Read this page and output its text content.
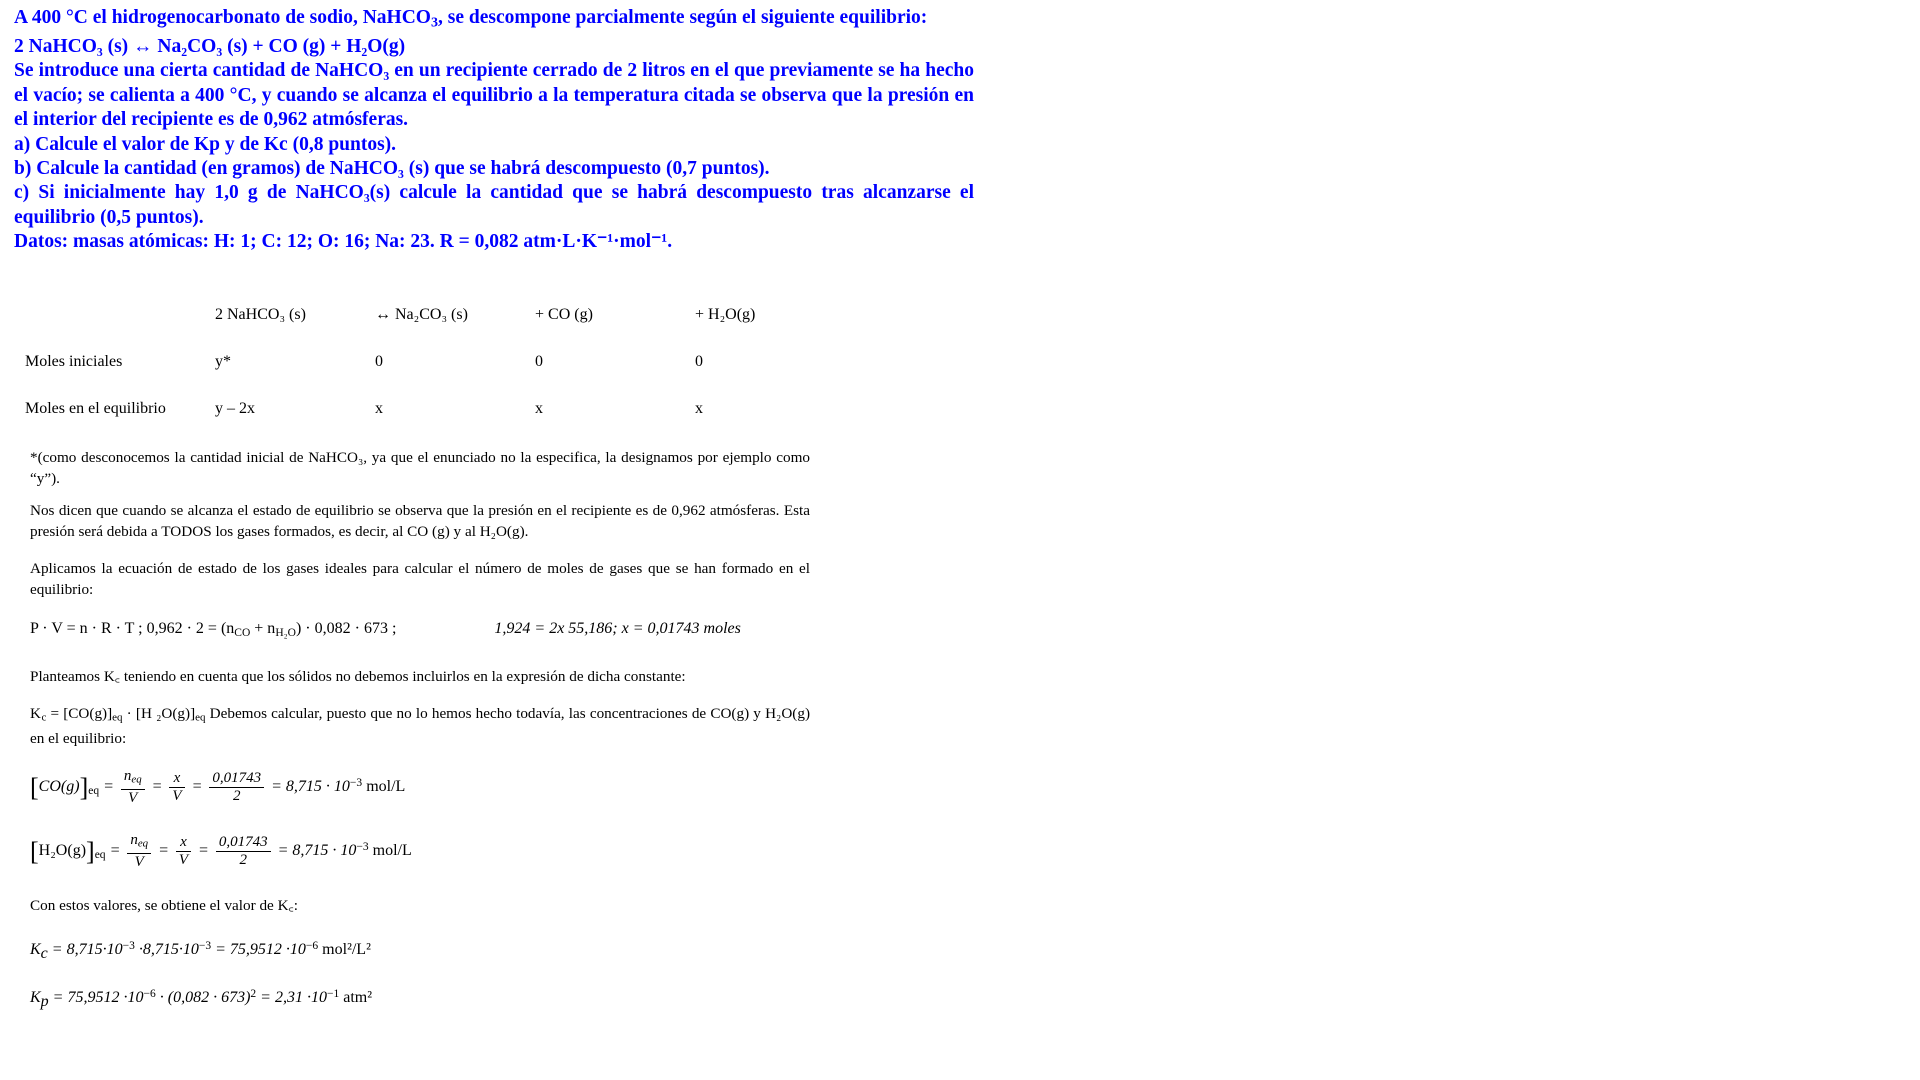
A 400 °C el hidrogenocarbonato de sodio, NaHCO$_3$, se descompone parcialmente según el siguiente equilibrio:

2 NaHCO₃ (s) ↔ Na₂CO₃ (s) + CO (g) + H₂O(g)

Se introduce una cierta cantidad de NaHCO₃ en un recipiente cerrado de 2 litros en el que previamente se ha hecho el vacío; se calienta a 400 °C, y cuando se alcanza el equilibrio a la temperatura citada se observa que la presión en el interior del recipiente es de 0,962 atmósferas.

a) Calcule el valor de Kp y de Kc (0,8 puntos).

b) Calcule la cantidad (en gramos) de NaHCO₃ (s) que se habrá descompuesto (0,7 puntos).

c) Si inicialmente hay 1,0 g de NaHCO₃(s) calcule la cantidad que se habrá descompuesto tras alcanzarse el equilibrio (0,5 puntos).

Datos: masas atómicas: H: 1; C: 12; O: 16; Na: 23. R = 0,082 atm·L·K⁻¹·mol⁻¹.

	2 NaHCO₃ (s)	↔ Na₂CO₃ (s)	+ CO (g)	+ H₂O(g)
Moles iniciales	y*	0	0	0
Moles en el equilibrio	y – 2x	x	x	x

*(como desconocemos la cantidad inicial de NaHCO₃, ya que el enunciado no la especifica, la designamos por ejemplo como “y”).

Nos dicen que cuando se alcanza el estado de equilibrio se observa que la presión en el recipiente es de 0,962 atmósferas. Esta presión será debida a TODOS los gases formados, es decir, al CO (g) y al H₂O(g).

Aplicamos la ecuación de estado de los gases ideales para calcular el número de moles de gases que se han formado en el equilibrio:

P · V = n · R · T ; $0,962 \cdot 2 = (n_{CO} + n_{H_2O}) \cdot 0,082 \cdot 673$ ;	1,924 = 2x 55,186; x = 0,01743 moles

Planteamos K꜀ teniendo en cuenta que los sólidos no debemos incluirlos en la expresión de dicha constante:

$K_c = [CO(g)]_{eq} \cdot [H$ $_2O(g)]_{eq}$ Debemos calcular, puesto que no lo hemos hecho todavía, las concentraciones de CO(g) y H₂O(g) en el equilibrio:

$[CO(g)]_{eq} = \frac{n_{eq}}{V} = \frac{x}{V} = \frac{0,01743}{2} = 8,715 \cdot 10^{-3}$ mol/L

$[H_2O(g)]_{eq} = \frac{n_{eq}}{V} = \frac{x}{V} = \frac{0,01743}{2} = 8,715 \cdot 10^{-3}$ mol/L

Con estos valores, se obtiene el valor de K꜀:

$K_c = 8,715\cdot 10^{-3} \cdot 8,715\cdot 10^{-3} = 75,9512 \cdot 10^{-6}$ mol²/L²

$K_p = 75,9512 \cdot 10^{-6} \cdot (0,082 \cdot 673)^2 = 2,31 \cdot 10^{-1}$ atm²
